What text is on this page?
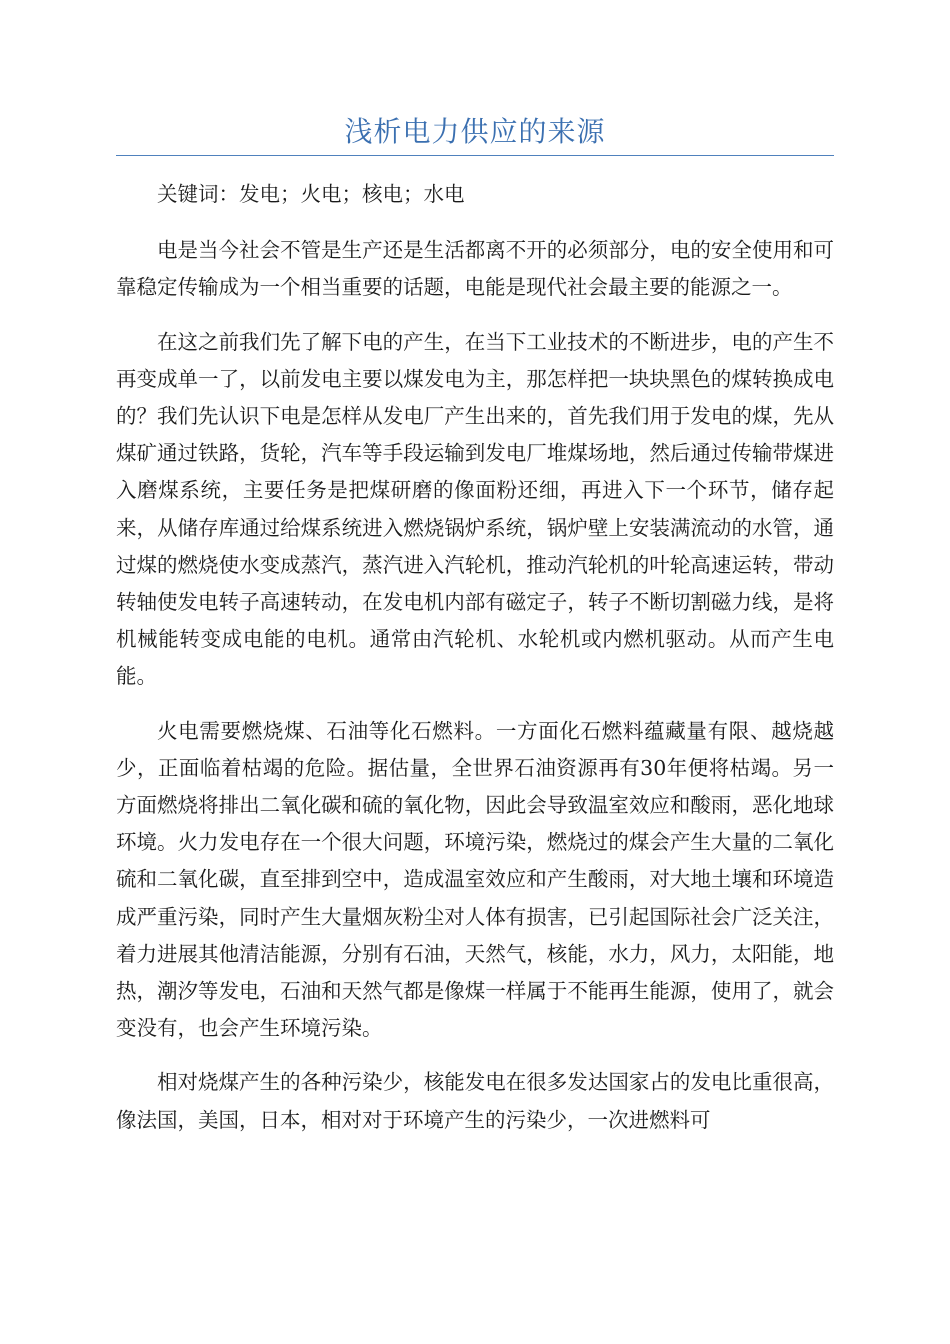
浅析电力供应的来源

关键词：发电；火电；核电；水电

电是当今社会不管是生产还是生活都离不开的必须部分，电的安全使用和可靠稳定传输成为一个相当重要的话题，电能是现代社会最主要的能源之一。

在这之前我们先了解下电的产生，在当下工业技术的不断进步，电的产生不再变成单一了，以前发电主要以煤发电为主，那怎样把一块块黑色的煤转换成电的？我们先认识下电是怎样从发电厂产生出来的，首先我们用于发电的煤，先从煤矿通过铁路，货轮，汽车等手段运输到发电厂堆煤场地，然后通过传输带煤进入磨煤系统，主要任务是把煤研磨的像面粉还细，再进入下一个环节，储存起来，从储存库通过给煤系统进入燃烧锅炉系统，锅炉壁上安装满流动的水管，通过煤的燃烧使水变成蒸汽，蒸汽进入汽轮机，推动汽轮机的叶轮高速运转，带动转轴使发电转子高速转动，在发电机内部有磁定子，转子不断切割磁力线，是将机械能转变成电能的电机。通常由汽轮机、水轮机或内燃机驱动。从而产生电能。

火电需要燃烧煤、石油等化石燃料。一方面化石燃料蕴藏量有限、越烧越少，正面临着枯竭的危险。据估量，全世界石油资源再有30年便将枯竭。另一方面燃烧将排出二氧化碳和硫的氧化物，因此会导致温室效应和酸雨，恶化地球环境。火力发电存在一个很大问题，环境污染，燃烧过的煤会产生大量的二氧化硫和二氧化碳，直至排到空中，造成温室效应和产生酸雨，对大地土壤和环境造成严重污染，同时产生大量烟灰粉尘对人体有损害，已引起国际社会广泛关注，着力进展其他清洁能源，分别有石油，天然气，核能，水力，风力，太阳能，地热，潮汐等发电，石油和天然气都是像煤一样属于不能再生能源，使用了，就会变没有，也会产生环境污染。

相对烧煤产生的各种污染少，核能发电在很多发达国家占的发电比重很高，像法国，美国，日本，相对对于环境产生的污染少，一次进燃料可
